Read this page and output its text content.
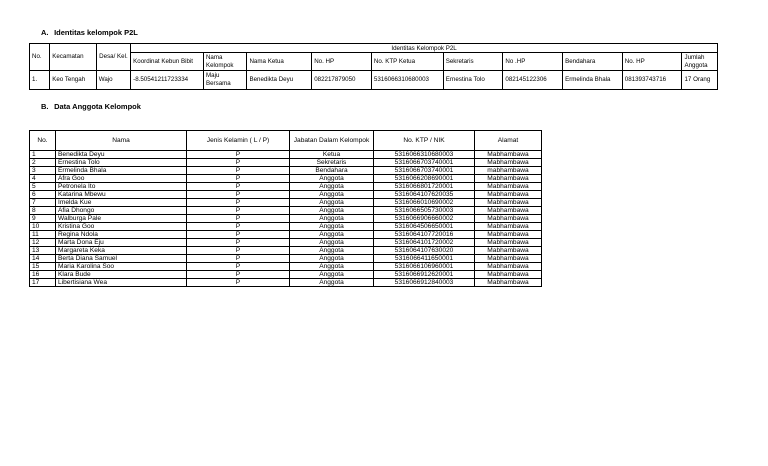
A. Identitas kelompok P2L
No.	Kecamatan	Desa/ Kel.	Identitas Kelompok P2L									
			Koordinat Kebun Bibit	Nama Kelompok	Nama Ketua	No. HP	No. KTP Ketua	Sekretaris	No .HP	Bendahara	No. HP	Jumlah Anggota
1.	Keo Tengah	Wajo	-8.50541211723334	Maju Bersama	Benedikta Deyu	082217879050	5316066310680003	Ernestina Tolo	082145122306	Ermelinda Bhala	081393743716	17 Orang
B. Data Anggota Kelompok
No.	Nama	Jenis Kelamin ( L / P)	Jabatan Dalam Kelompok	No. KTP / NIK	Alamat
1	Benedikta Deyu	P	Ketua	5316066310680003	Mabhambawa
2	Ernestina Tolo	P	Sekretaris	5316066703740001	Mabhambawa
3	Ermelinda Bhala	P	Bendahara	5316066703740001	mabhambawa
4	Afra Goo	P	Anggota	5316066208690001	Mabhambawa
5	Petronela Ito	P	Anggota	5316066801720001	Mabhambawa
6	Katarina Mbewu	P	Anggota	5316064107620035	Mabhambawa
7	Imelda Kue	P	Anggota	5316066010690002	Mabhambawa
8	Afia Dhongo	P	Anggota	5316066505730003	Mabhambawa
9	Walburga Pale	P	Anggota	5316066906660002	Mabhambawa
10	Kristina Goo	P	Anggota	5316064506650001	Mabhambawa
11	Regina Ndola	P	Anggota	5316064107720016	Mabhambawa
12	Marta Dona Eju	P	Anggota	5316064101720002	Mabhambawa
13	Margareta Keka	P	Anggota	5316064107630020	Mabhambawa
14	Berta Diana Samuel	P	Anggota	5316066411650001	Mabhambawa
15	Maria Karolina Soo	P	Anggota	5316066106960001	Mabhambawa
16	Klara Bude	P	Anggota	5316066912620001	Mabhambawa
17	Libertisiana Wea	P	Anggota	5316066912840003	Mabhambawa
